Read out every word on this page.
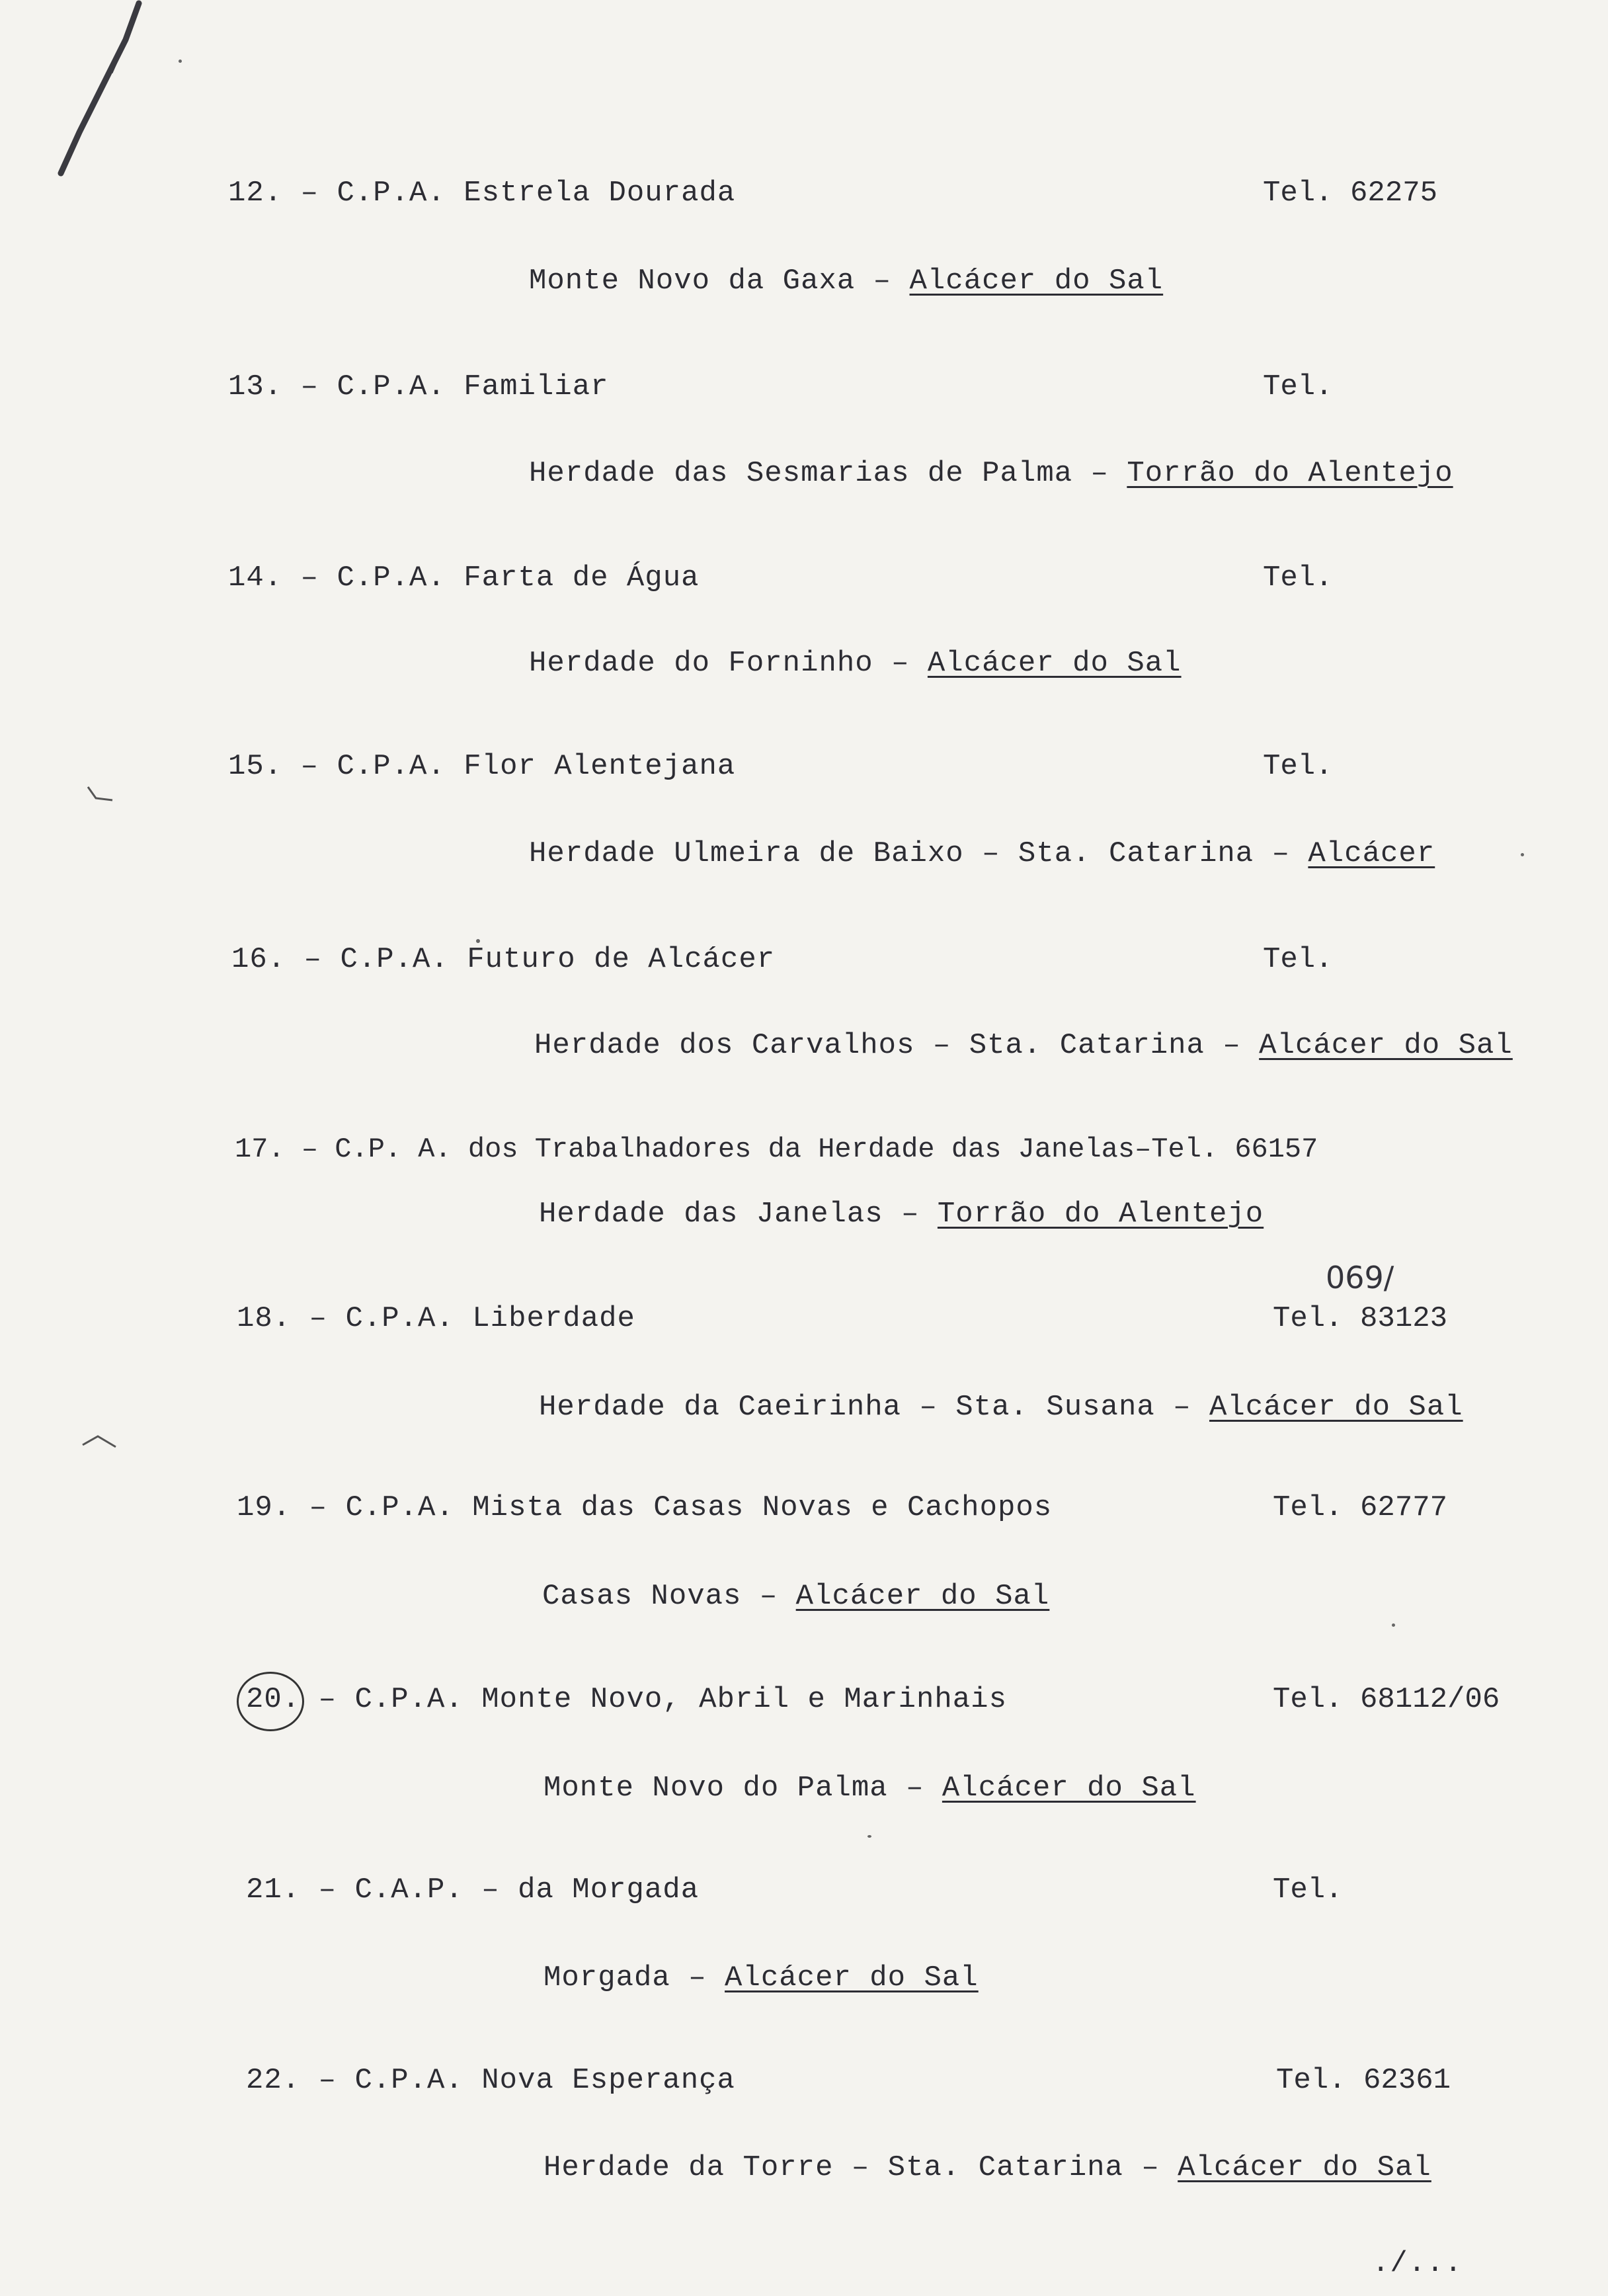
12. – C.P.A. Estrela Dourada	Tel. 62275
Monte Novo da Gaxa – Alcácer do Sal
13. – C.P.A. Familiar	Tel.
Herdade das Sesmarias de Palma – Torrão do Alentejo
14. – C.P.A. Farta de Água	Tel.
Herdade do Forninho – Alcácer do Sal
15. – C.P.A. Flor Alentejana	Tel.
Herdade Ulmeira de Baixo – Sta. Catarina – Alcácer
16. – C.P.A. Futuro de Alcácer	Tel.
Herdade dos Carvalhos – Sta. Catarina – Alcácer do Sal
17. – C.P. A. dos Trabalhadores da Herdade das Janelas–Tel. 66157
Herdade das Janelas – Torrão do Alentejo
069/
18. – C.P.A. Liberdade	Tel. 83123
Herdade da Caeirinha – Sta. Susana – Alcácer do Sal
19. – C.P.A. Mista das Casas Novas e Cachopos	Tel. 62777
Casas Novas – Alcácer do Sal
20. – C.P.A. Monte Novo, Abril e Marinhais	Tel. 68112/06
Monte Novo do Palma – Alcácer do Sal
21. – C.A.P. – da Morgada	Tel.
Morgada – Alcácer do Sal
22. – C.P.A. Nova Esperança	Tel. 62361
Herdade da Torre – Sta. Catarina – Alcácer do Sal
./...
